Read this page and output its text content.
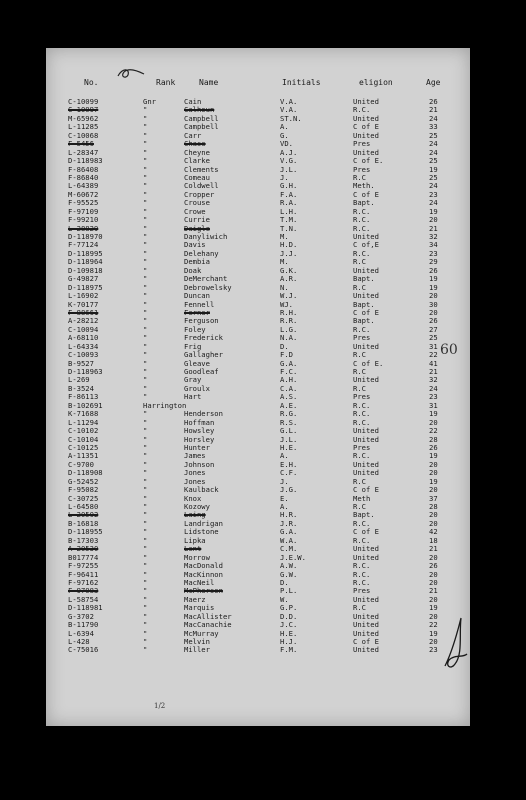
No.	Rank	Name	Initials	eligion	Age
C-10099	Gnr	Cain	V.A.	United	26
C-10097	"	Calhoun	V.A.	R.C.	21
M-65962	"	Campbell	ST.N.	United	24
L-11285	"	Campbell	A.	C of E	33
C-10068	"	Carr	G.	United	25
F-5456	"	Chase	VD.	Pres	24
L-28347	"	Cheyne	A.J.	United	24
D-118983	"	Clarke	V.G.	C of E.	25
F-86408	"	Clements	J.L.	Pres	19
F-86840	"	Comeau	J.	R.C	25
L-64389	"	Coldwell	G.H.	Meth.	24
M-60672	"	Cropper	F.A.	C of E	23
F-95525	"	Crouse	R.A.	Bapt.	24
F-97109	"	Crowe	L.H.	R.C.	19
F-99210	"	Currie	T.M.	R.C.	20
L-28829	"	Daigle	T.N.	R.C.	21
D-118970	"	Danyliwich	M.	United	32
F-77124	"	Davis	H.D.	C of,E	34
D-118995	"	Delehany	J.J.	R.C.	23
D-118964	"	Dembia	M.	R.C	29
D-109818	"	Doak	G.K.	United	26
G-49827	"	DeMerchant	A.R.	Bapt.	19
D-118975	"	Debrowelsky	N.	R.C	19
L-16902	"	Duncan	W.J.	United	20
K-70177	"	Fennell	WJ.	Bapt.	30
F-88661	"	Ferner	R.H.	C of E	20
A-28212	"	Ferguson	R.R.	Bapt.	26
C-10094	"	Foley	L.G.	R.C.	27
A-68110	"	Frederick	N.A.	Pres	25
L-64334	"	Frig	D.	United	31
C-10093	"	Gallagher	F.D	R.C	22
B-9527	"	Gleave	G.A.	C of E.	41
D-118963	"	Goodleaf	F.C.	R.C	21
L-269	"	Gray	A.H.	United	32
B-3524	"	Groulx	C.A.	R.C	24
F-86113	"	Hart	A.S.	Pres	23
B-102691	Harrington	A.E.	R.C.	31
K-71688	"	Henderson	R.G.	R.C.	19
L-11294	"	Hoffman	R.S.	R.C.	20
C-10102	"	Howsley	G.L.	United	22
C-10104	"	Horsley	J.L.	United	28
C-10125	"	Hunter	H.E.	Pres	26
A-11351	"	James	A.	R.C.	19
C-9700	"	Johnson	E.H.	United	20
D-118908	"	Jones	C.F.	United	20
G-52452	"	Jones	J.	R.C	19
F-95082	"	Kaulback	J.G.	C of E	20
C-30725	"	Knox	E.	Meth	37
L-64580	"	Kozowy	A.	R.C	28
L-20502	"	Laing	H.R.	Bapt.	20
B-16818	"	Landrigan	J.R.	R.C.	20
D-118955	"	Lidstone	G.A.	C of E	42
B-17303	"	Lipka	W.A.	R.C.	18
A-20530	"	Lent	C.M.	United	21
B017774	"	Morrow	J.E.W.	United	20
F-97255	"	MacDonald	A.W.	R.C.	26
F-96411	"	MacKinnon	G.W.	R.C.	20
F-97162	"	MacNeil	D.	R.C.	20
F-97083	"	McPherson	P.L.	Pres	21
L-58754	"	Maerz	W.	United	20
D-118981	"	Marquis	G.P.	R.C	19
G-3702	"	MacAllister	D.D.	United	20
B-11790	"	MacCanachie	J.C.	United	22
L-6394	"	McMurray	H.E.	United	19
L-428	"	Melvin	H.J.	C of E	20
C-75016	"	Miller	F.M.	United	23
60
1/2
